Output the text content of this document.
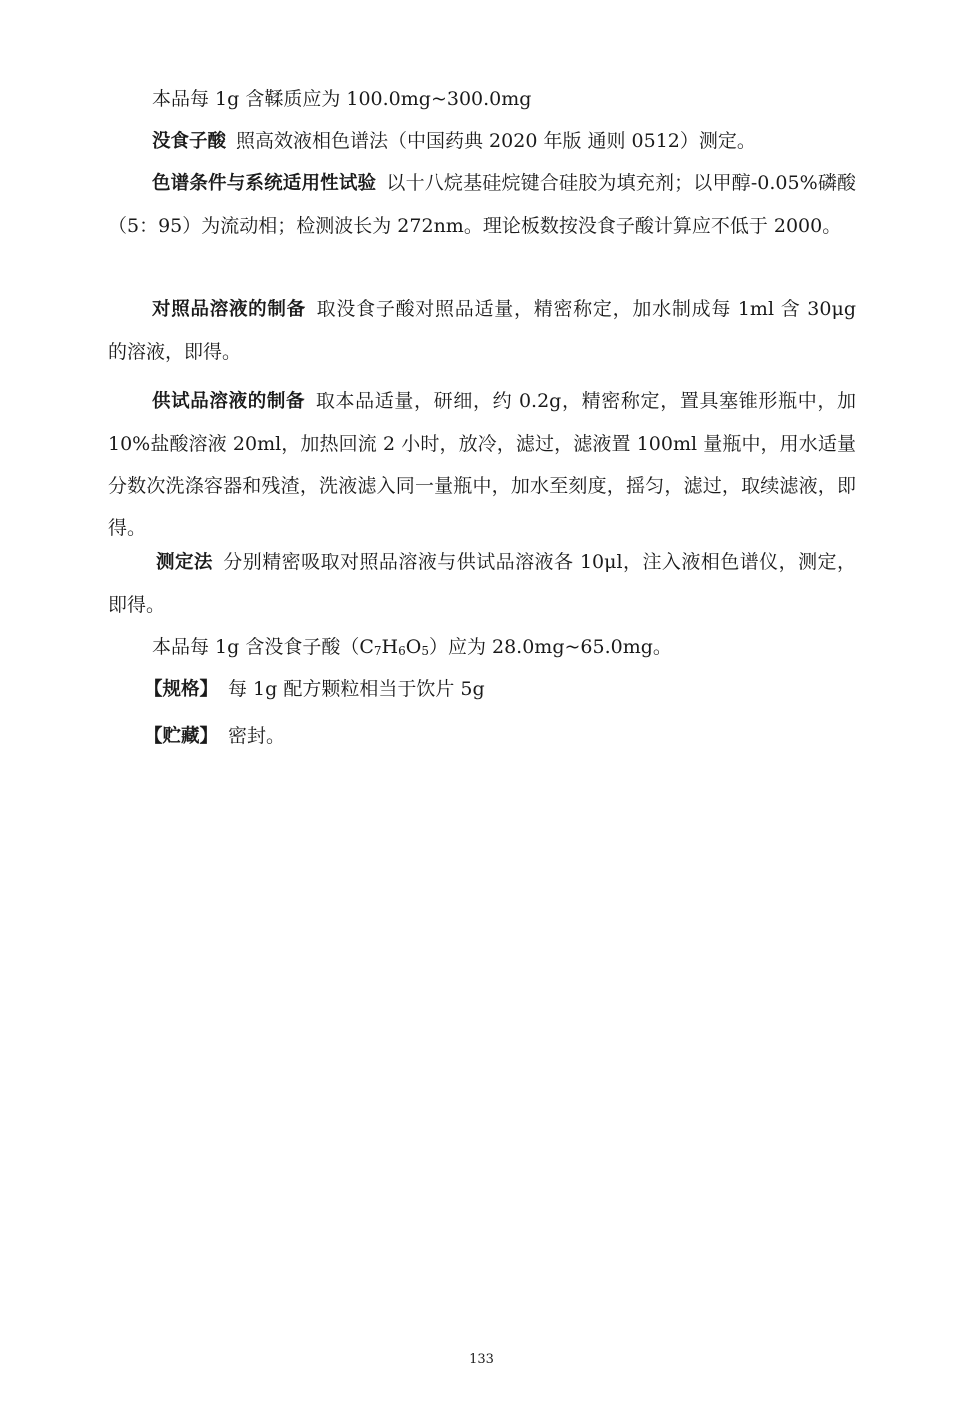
本品每 1g 含鞣质应为 100.0mg~300.0mg

没食子酸 照高效液相色谱法（中国药典 2020 年版 通则 0512）测定。

色谱条件与系统适用性试验 以十八烷基硅烷键合硅胶为填充剂；以甲醇-0.05%磷酸（5：95）为流动相；检测波长为 272nm。理论板数按没食子酸计算应不低于 2000。

对照品溶液的制备 取没食子酸对照品适量，精密称定，加水制成每 1ml 含 30μg 的溶液，即得。

供试品溶液的制备 取本品适量，研细，约 0.2g，精密称定，置具塞锥形瓶中，加 10%盐酸溶液 20ml，加热回流 2 小时，放冷，滤过，滤液置 100ml 量瓶中，用水适量分数次洗涤容器和残渣，洗液滤入同一量瓶中，加水至刻度，摇匀，滤过，取续滤液，即得。

测定法 分别精密吸取对照品溶液与供试品溶液各 10μl，注入液相色谱仪，测定，即得。

本品每 1g 含没食子酸$(C_7H_6O_5)$应为 28.0mg~65.0mg。

【规格】 每 1g 配方颗粒相当于饮片 5g

【贮藏】 密封。

133
